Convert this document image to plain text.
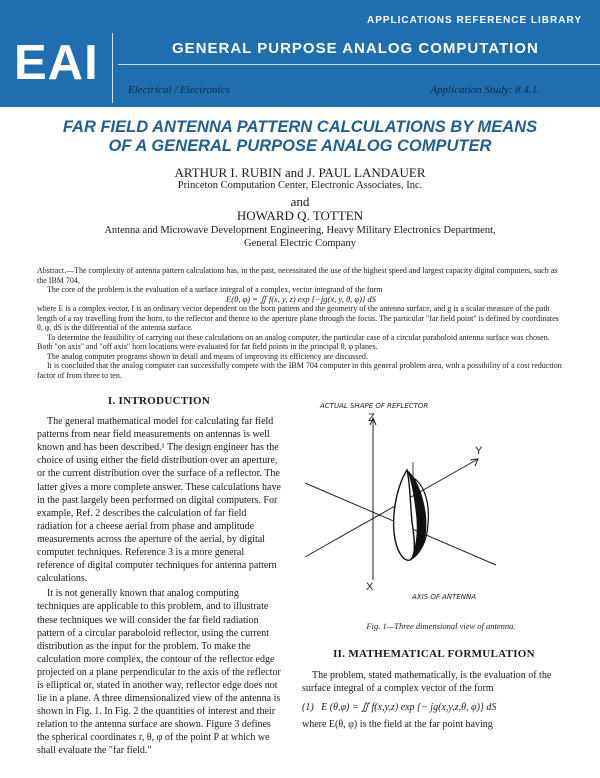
APPLICATIONS REFERENCE LIBRARY
EAI	GENERAL PURPOSE ANALOG COMPUTATION
Electrical / Electronics	Application Study: 8.4.1.
FAR FIELD ANTENNA PATTERN CALCULATIONS BY MEANS
OF A GENERAL PURPOSE ANALOG COMPUTER
ARTHUR I. RUBIN and J. PAUL LANDAUER
Princeton Computation Center, Electronic Associates, Inc.
and
HOWARD Q. TOTTEN
Antenna and Microwave Development Engineering, Heavy Military Electronics Department,
General Electric Company

Abstract.—The complexity of antenna pattern calculations has, in the past, necessitated the use of the highest speed and largest capacity digital computers, such as the IBM 704.

The core of the problem is the evaluation of a surface integral of a complex, vector integrand of the form

E(θ, φ) = ∬ f(x, y, z) exp {−jg(x, y, θ, φ)} dS

where E is a complex vector, f is an ordinary vector dependent on the horn pattern and the geometry of the antenna surface, and g is a scalar measure of the path length of a ray travelling from the horn, to the reflector and thence to the aperture plane through the focus. The particular "far field point" is defined by coordinates θ, φ. dS is the differential of the antenna surface.

To determine the feasibility of carrying out these calculations on an analog computer, the particular case of a circular paraboloid antenna surface was chosen. Both "on axis" and "off axis" horn locations were evaluated for far field points in the principal θ, φ planes.

The analog computer programs shown in detail and means of improving its efficiency are discussed.

It is concluded that the analog computer can successfully compete with the IBM 704 computer in this general problem area, with a possibility of a cost reduction factor of from three to ten.

I. INTRODUCTION

The general mathematical model for calculating far field patterns from near field measurements on antennas is well known and has been described.¹ The design engineer has the choice of using either the field distribution over an aperture, or the current distribution over the surface of a reflector. The latter gives a more complete answer. These calculations have in the past largely been performed on digital computers. For example, Ref. 2 describes the calculation of far field radiation for a cheese aerial from phase and amplitude measurements across the aperture of the aerial, by digital computer techniques. Reference 3 is a more general reference of digital computer techniques for antenna pattern calculations.

It is not generally known that analog computing techniques are applicable to this problem, and to illustrate these techniques we will consider the far field radiation pattern of a circular paraboloid reflector, using the current distribution as the input for the problem. To make the calculation more complex, the contour of the reflector edge projected on a plane perpendicular to the axis of the reflector is elliptical or, stated in another way, reflector edge does not lie in a plane. A three dimensionalized view of the antenna is shown in Fig. 1. In Fig. 2 the quantities of interest and their relation to the antenna surface are shown. Figure 3 defines the spherical coordinates r, θ, φ of the point P at which we shall evaluate the "far field."

ACTUAL SHAPE OF REFLECTOR
Z
Y
X
AXIS OF ANTENNA
Fig. 1—Three dimensional view of antenna.
II. MATHEMATICAL FORMULATION

The problem, stated mathematically, is the evaluation of the surface integral of a complex vector of the form

(1) E (θ,φ) = ∬ f(x,y,z) exp {− jg(x,y,z,θ, φ)} dS

where E(θ, φ) is the field at the far point having
